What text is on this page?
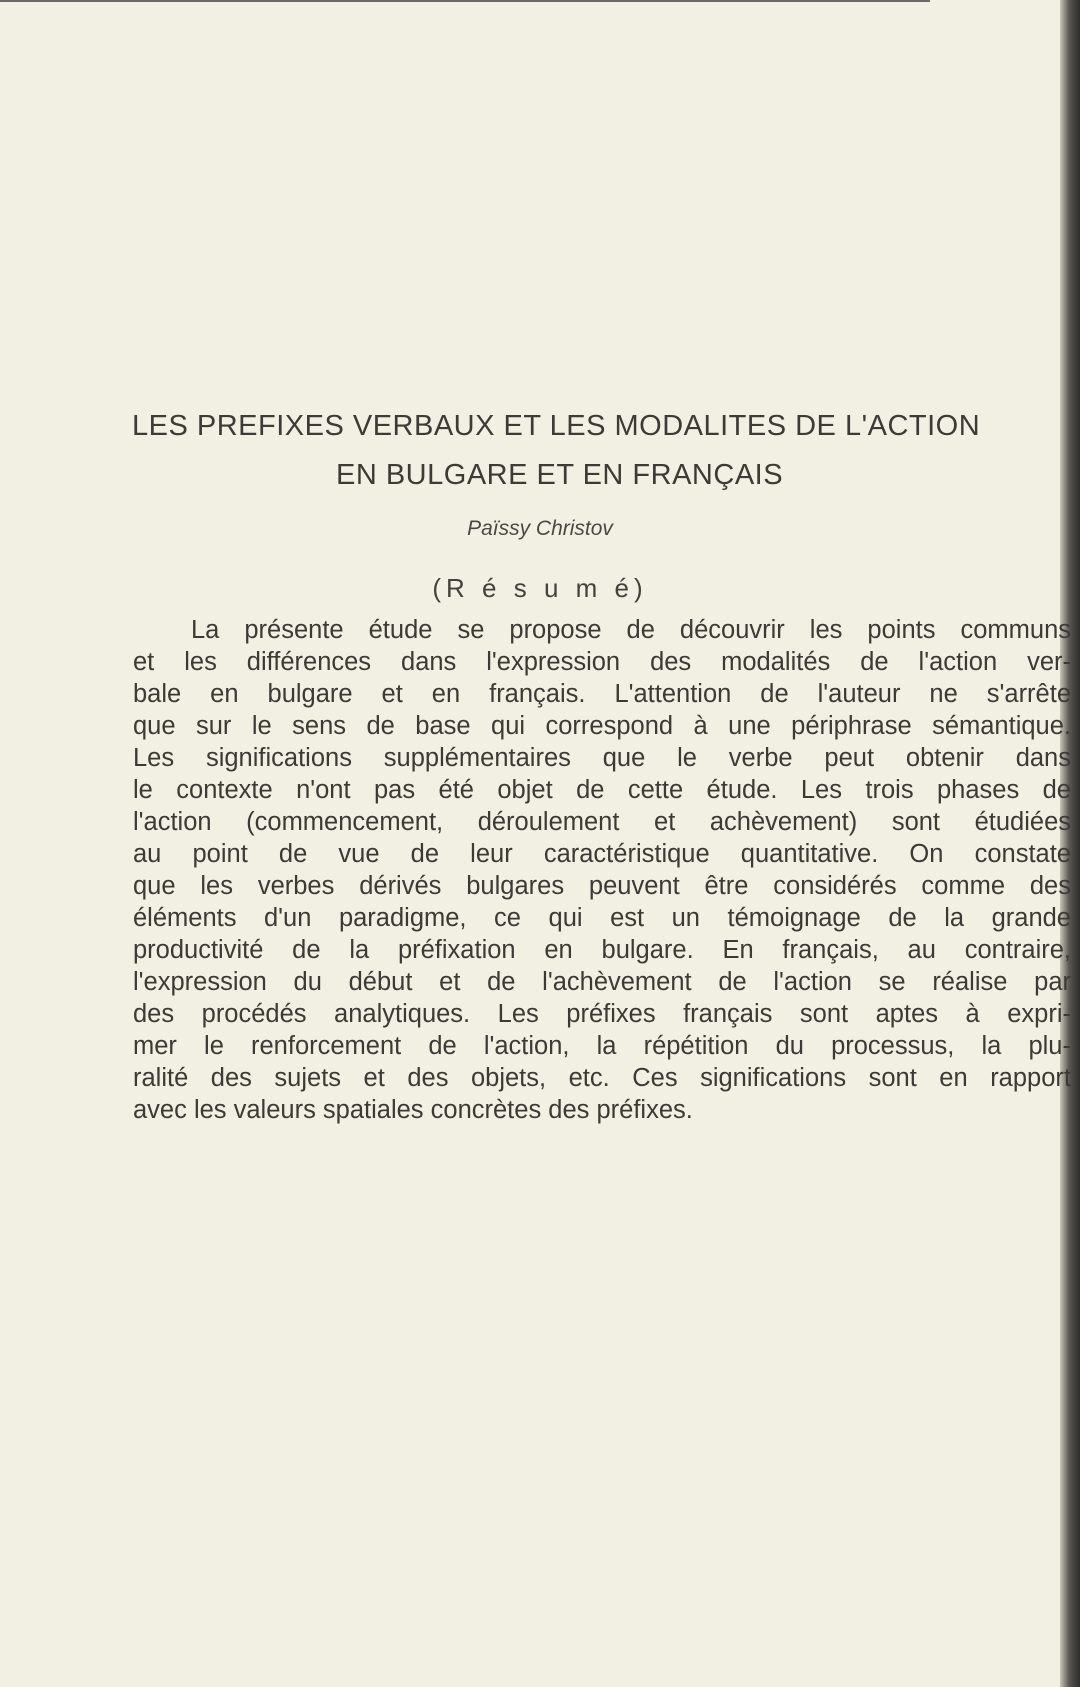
LES PREFIXES VERBAUX ET LES MODALITES DE L'ACTION
EN BULGARE ET EN FRANÇAIS
Païssy Christov
(R é s u m é)
La présente étude se propose de découvrir les points communs
et les différences dans l'expression des modalités de l'action ver-
bale en bulgare et en français. L'attention de l'auteur ne s'arrête
que sur le sens de base qui correspond à une périphrase sémantique.
Les significations supplémentaires que le verbe peut obtenir dans
le contexte n'ont pas été objet de cette étude. Les trois phases de
l'action (commencement, déroulement et achèvement) sont étudiées
au point de vue de leur caractéristique quantitative. On constate
que les verbes dérivés bulgares peuvent être considérés comme des
éléments d'un paradigme, ce qui est un témoignage de la grande
productivité de la préfixation en bulgare. En français, au contraire,
l'expression du début et de l'achèvement de l'action se réalise par
des procédés analytiques. Les préfixes français sont aptes à expri-
mer le renforcement de l'action, la répétition du processus, la plu-
ralité des sujets et des objets, etc. Ces significations sont en rapport
avec les valeurs spatiales concrètes des préfixes.
